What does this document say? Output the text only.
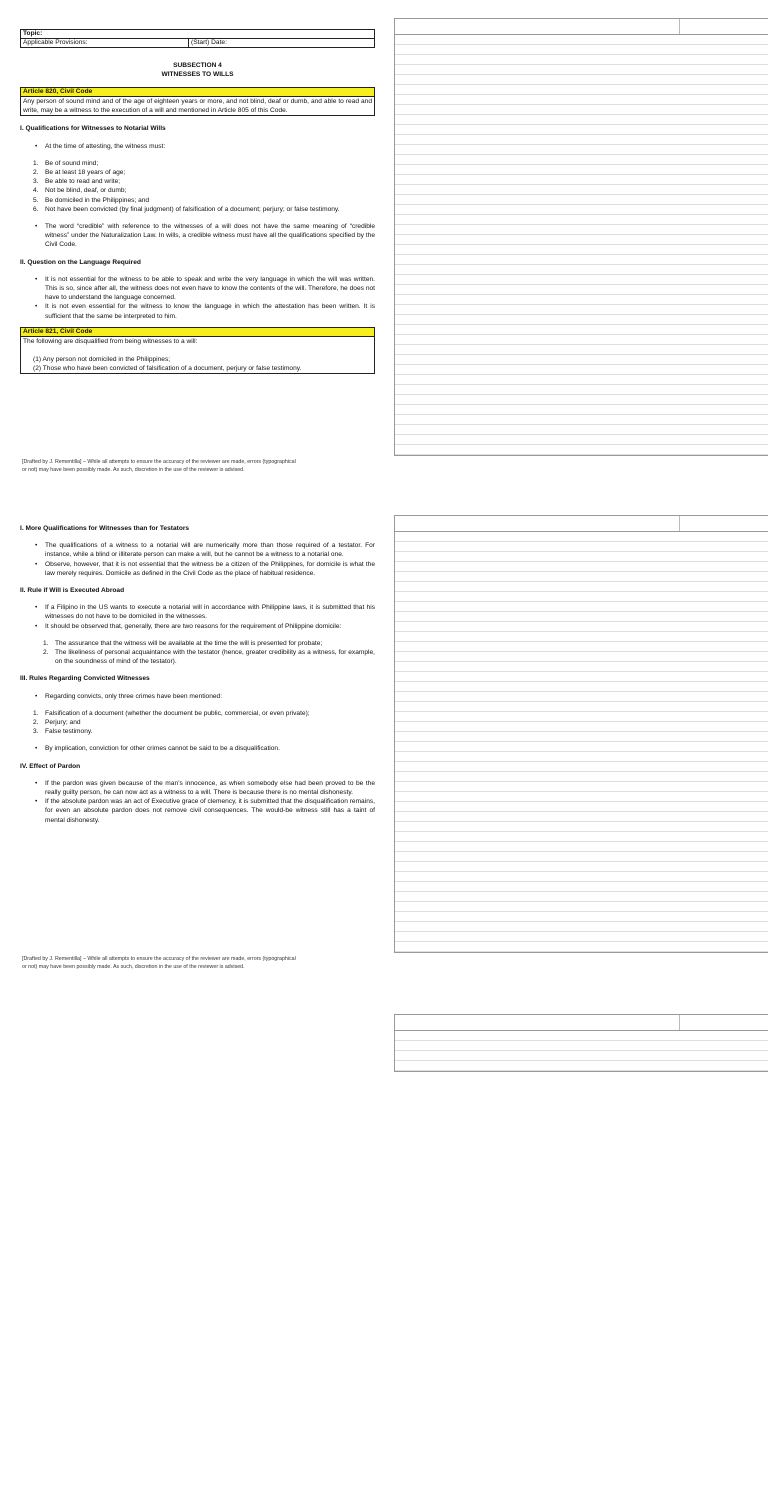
Topic:
Applicable Provisions:	(Start) Date:
SUBSECTION 4
WITNESSES TO WILLS
Article 820, Civil Code
Any person of sound mind and of the age of eighteen years or more, and not blind, deaf or dumb, and able to read and write, may be a witness to the execution of a will and mentioned in Article 805 of this Code.
I. Qualifications for Witnesses to Notarial Wills
• At the time of attesting, the witness must:
1. Be of sound mind;
2. Be at least 18 years of age;
3. Be able to read and write;
4. Not be blind, deaf, or dumb;
5. Be domiciled in the Philippines; and
6. Not have been convicted (by final judgment) of falsification of a document; perjury; or false testimony.
• The word “credible” with reference to the witnesses of a will does not have the same meaning of “credible witness” under the Naturalization Law. In wills, a credible witness must have all the qualifications specified by the Civil Code.
II. Question on the Language Required
• It is not essential for the witness to be able to speak and write the very language in which the will was written. This is so, since after all, the witness does not even have to know the contents of the will. Therefore, he does not have to understand the language concerned.
• It is not even essential for the witness to know the language in which the attestation has been written. It is sufficient that the same be interpreted to him.
Article 821, Civil Code
The following are disqualified from being witnesses to a will:
(1) Any person not domiciled in the Philippines;
(2) Those who have been convicted of falsification of a document, perjury or false testimony.
[Drafted by J. Rementilla] – While all attempts to ensure the accuracy of the reviewer are made, errors (typographical
or not) may have been possibly made. As such, discretion in the use of the reviewer is advised.
I. More Qualifications for Witnesses than for Testators
• The qualifications of a witness to a notarial will are numerically more than those required of a testator. For instance, while a blind or illiterate person can make a will, but he cannot be a witness to a notarial one.
• Observe, however, that it is not essential that the witness be a citizen of the Philippines, for domicile is what the law merely requires. Domicile as defined in the Civil Code as the place of habitual residence.
II. Rule if Will is Executed Abroad
• If a Filipino in the US wants to execute a notarial will in accordance with Philippine laws, it is submitted that his witnesses do not have to be domiciled in the witnesses.
• It should be observed that, generally, there are two reasons for the requirement of Philippine domicile:
1. The assurance that the witness will be available at the time the will is presented for probate;
2. The likeliness of personal acquaintance with the testator (hence, greater credibility as a witness, for example, on the soundness of mind of the testator).
III. Rules Regarding Convicted Witnesses
• Regarding convicts, only three crimes have been mentioned:
1. Falsification of a document (whether the document be public, commercial, or even private);
2. Perjury; and
3. False testimony.
• By implication, conviction for other crimes cannot be said to be a disqualification.
IV. Effect of Pardon
• If the pardon was given because of the man’s innocence, as when somebody else had been proved to be the really guilty person, he can now act as a witness to a will. There is because there is no mental dishonesty.
• If the absolute pardon was an act of Executive grace of clemency, it is submitted that the disqualification remains, for even an absolute pardon does not remove civil consequences. The would-be witness still has a taint of mental dishonesty.
[Drafted by J. Rementilla] – While all attempts to ensure the accuracy of the reviewer are made, errors (typographical
or not) may have been possibly made. As such, discretion in the use of the reviewer is advised.
